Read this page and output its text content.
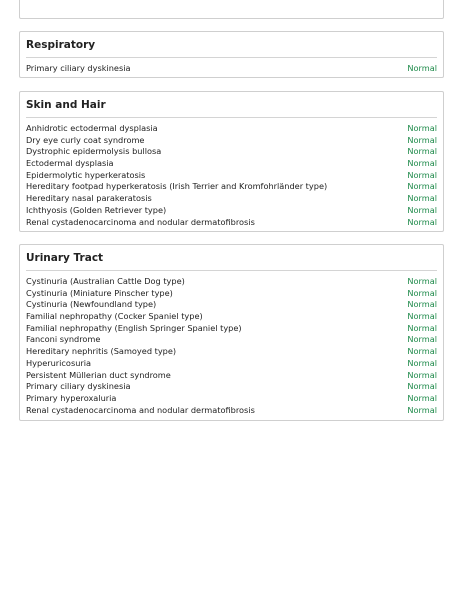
Respiratory
Primary ciliary dyskinesia	Normal
Skin and Hair
Anhidrotic ectodermal dysplasia	Normal
Dry eye curly coat syndrome	Normal
Dystrophic epidermolysis bullosa	Normal
Ectodermal dysplasia	Normal
Epidermolytic hyperkeratosis	Normal
Hereditary footpad hyperkeratosis (Irish Terrier and Kromfohrländer type)	Normal
Hereditary nasal parakeratosis	Normal
Ichthyosis (Golden Retriever type)	Normal
Renal cystadenocarcinoma and nodular dermatofibrosis	Normal
Urinary Tract
Cystinuria (Australian Cattle Dog type)	Normal
Cystinuria (Miniature Pinscher type)	Normal
Cystinuria (Newfoundland type)	Normal
Familial nephropathy (Cocker Spaniel type)	Normal
Familial nephropathy (English Springer Spaniel type)	Normal
Fanconi syndrome	Normal
Hereditary nephritis (Samoyed type)	Normal
Hyperuricosuria	Normal
Persistent Müllerian duct syndrome	Normal
Primary ciliary dyskinesia	Normal
Primary hyperoxaluria	Normal
Renal cystadenocarcinoma and nodular dermatofibrosis	Normal
